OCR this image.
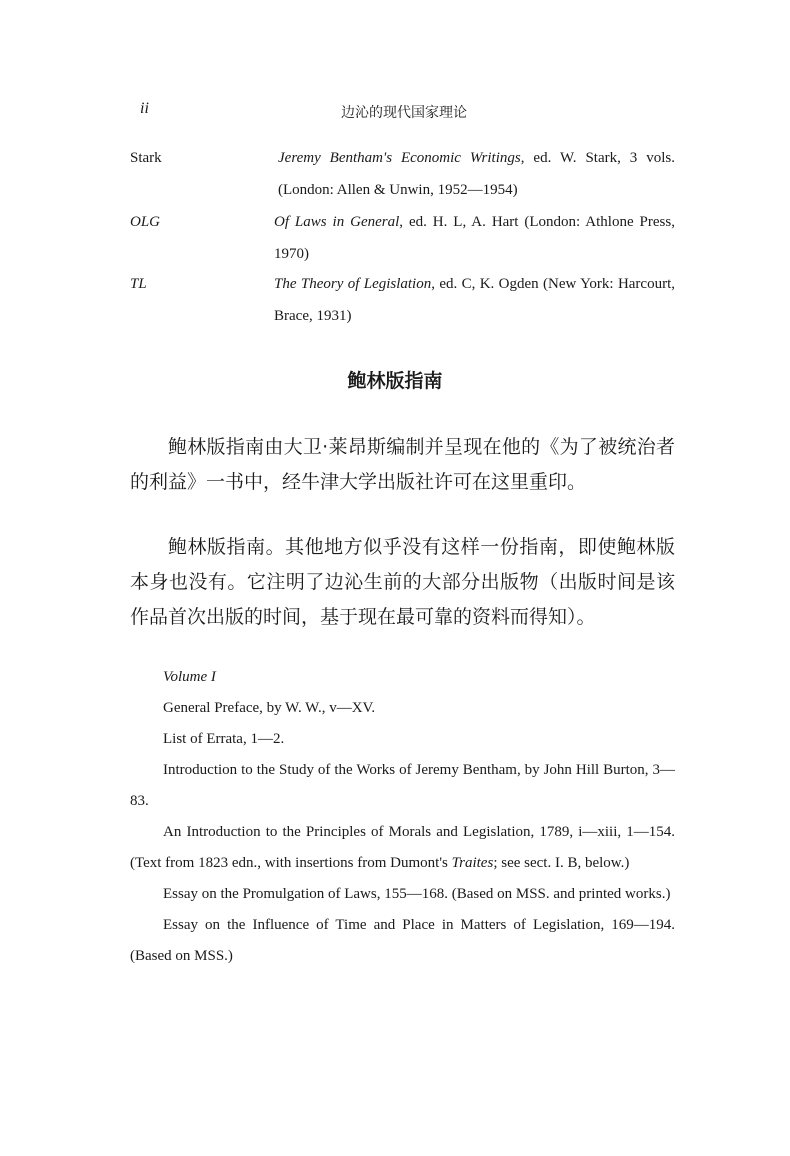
ii	边沁的现代国家理论
Stark	Jeremy Bentham's Economic Writings, ed. W. Stark, 3 vols. (London: Allen & Unwin, 1952—1954)
OLG	Of Laws in General, ed. H. L, A. Hart (London: Athlone Press, 1970)
TL	The Theory of Legislation, ed. C, K. Ogden (New York: Harcourt, Brace, 1931)
鲍林版指南
鲍林版指南由大卫·莱昂斯编制并呈现在他的《为了被统治者的利益》一书中，经牛津大学出版社许可在这里重印。
鲍林版指南。其他地方似乎没有这样一份指南，即使鲍林版本身也没有。它注明了边沁生前的大部分出版物（出版时间是该作品首次出版的时间，基于现在最可靠的资料而得知）。

Volume I

General Preface, by W. W., v—XV.

List of Errata, 1—2.

Introduction to the Study of the Works of Jeremy Bentham, by John Hill Burton, 3—83.

An Introduction to the Principles of Morals and Legislation, 1789, i—xiii, 1—154. (Text from 1823 edn., with insertions from Dumont's Traites; see sect. I. B, below.)

Essay on the Promulgation of Laws, 155—168. (Based on MSS. and printed works.)

Essay on the Influence of Time and Place in Matters of Legislation, 169—194. (Based on MSS.)
